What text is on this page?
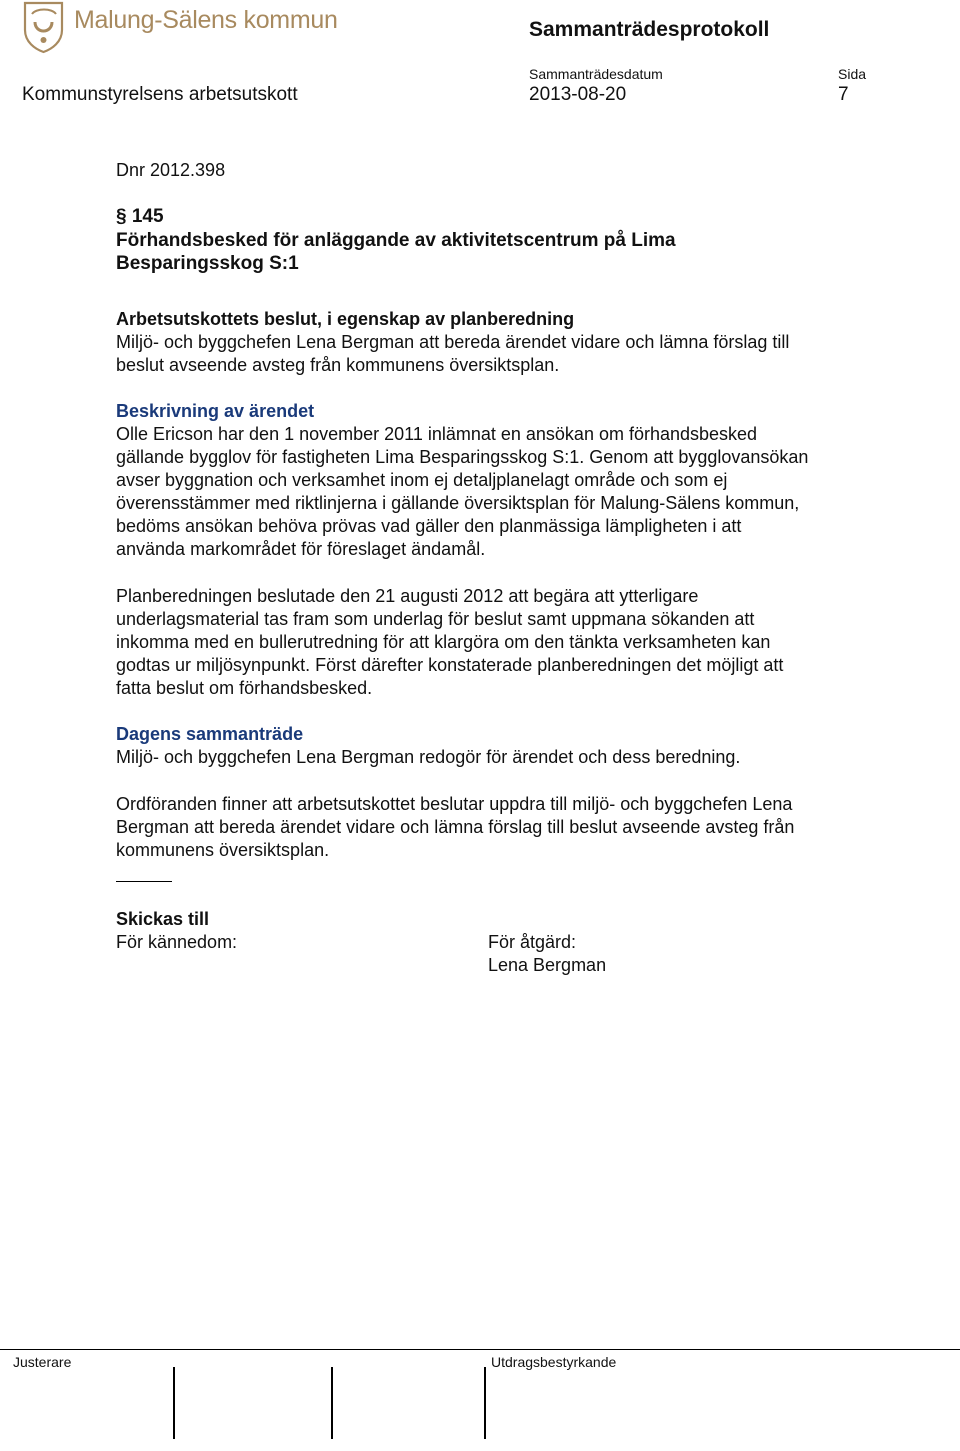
Malung-Sälens kommun	Sammanträdesprotokoll
Kommunstyrelsens arbetsutskott
Sammanträdesdatum
2013-08-20
Sida
7
Dnr 2012.398

§ 145

Förhandsbesked för anläggande av aktivitetscentrum på Lima

Besparingsskog S:1

Arbetsutskottets beslut, i egenskap av planberedning

Miljö- och byggchefen Lena Bergman att bereda ärendet vidare och lämna förslag till

beslut avseende avsteg från kommunens översiktsplan.

Beskrivning av ärendet

Olle Ericson har den 1 november 2011 inlämnat en ansökan om förhandsbesked

gällande bygglov för fastigheten Lima Besparingsskog S:1. Genom att bygglovansökan

avser byggnation och verksamhet inom ej detaljplanelagt område och som ej

överensstämmer med riktlinjerna i gällande översiktsplan för Malung-Sälens kommun,

bedöms ansökan behöva prövas vad gäller den planmässiga lämpligheten i att

använda markområdet för föreslaget ändamål.

Planberedningen beslutade den 21 augusti 2012 att begära att ytterligare

underlagsmaterial tas fram som underlag för beslut samt uppmana sökanden att

inkomma med en bullerutredning för att klargöra om den tänkta verksamheten kan

godtas ur miljösynpunkt. Först därefter konstaterade planberedningen det möjligt att

fatta beslut om förhandsbesked.

Dagens sammanträde

Miljö- och byggchefen Lena Bergman redogör för ärendet och dess beredning.

Ordföranden finner att arbetsutskottet beslutar uppdra till miljö- och byggchefen Lena

Bergman att bereda ärendet vidare och lämna förslag till beslut avseende avsteg från

kommunens översiktsplan.

Skickas till

För kännedom:	För åtgärd:

Lena Bergman

Justerare	Utdragsbestyrkande
